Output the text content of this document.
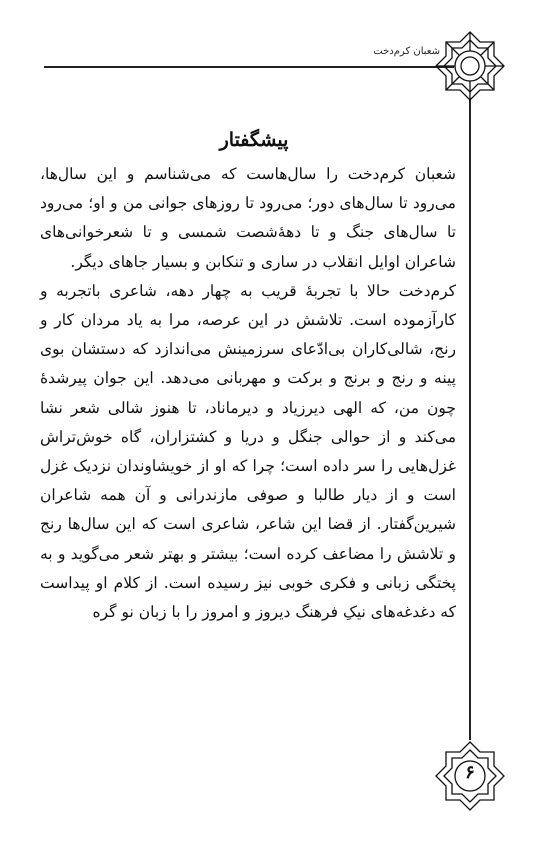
شعبان کرم‌دخت
پیشگفتار

شعبان کرم‌دخت را سال‌هاست که می‌شناسم و این سال‌ها، می‌رود تا سال‌های دور؛ می‌رود تا روزهای جوانی من و او؛ می‌رود تا سال‌های جنگ و تا دههٔ‌شصت شمسی و تا شعرخوانی‌های شاعران اوایل انقلاب در ساری و تنکابن و بسیار جاهای دیگر.

کرم‌دخت حالا با تجربهٔ قریب به چهار دهه، شاعری باتجربه و کارآزموده است. تلاشش در این عرصه، مرا به یاد مردان کار و رنج، شالی‌کاران بی‌ادّعای سرزمینش می‌اندازد که دستشان بوی پینه و رنج و برنج و برکت و مهربانی می‌دهد. این جوان پیرشدهٔ چون من، که الهی دیرزیاد و دیرماناد، تا هنوز شالی شعر نشا می‌کند و از حوالی جنگل و دریا و کشتزاران، گاه خوش‌تراش غزل‌هایی را سر داده است؛ چرا که او از خویشاوندان نزدیک غزل است و از دیار طالبا و صوفی مازندرانی و آن همه شاعران شیرین‌گفتار. از قضا این شاعر، شاعری است که این سال‌ها رنج و تلاشش را مضاعف کرده است؛ بیشتر و بهتر شعر می‌گوید و به پختگی زبانی و فکری خوبی نیز رسیده است. از کلام او پیداست که دغدغه‌های نیکِ فرهنگ دیروز و امروز را با زبان نو گره

۶
